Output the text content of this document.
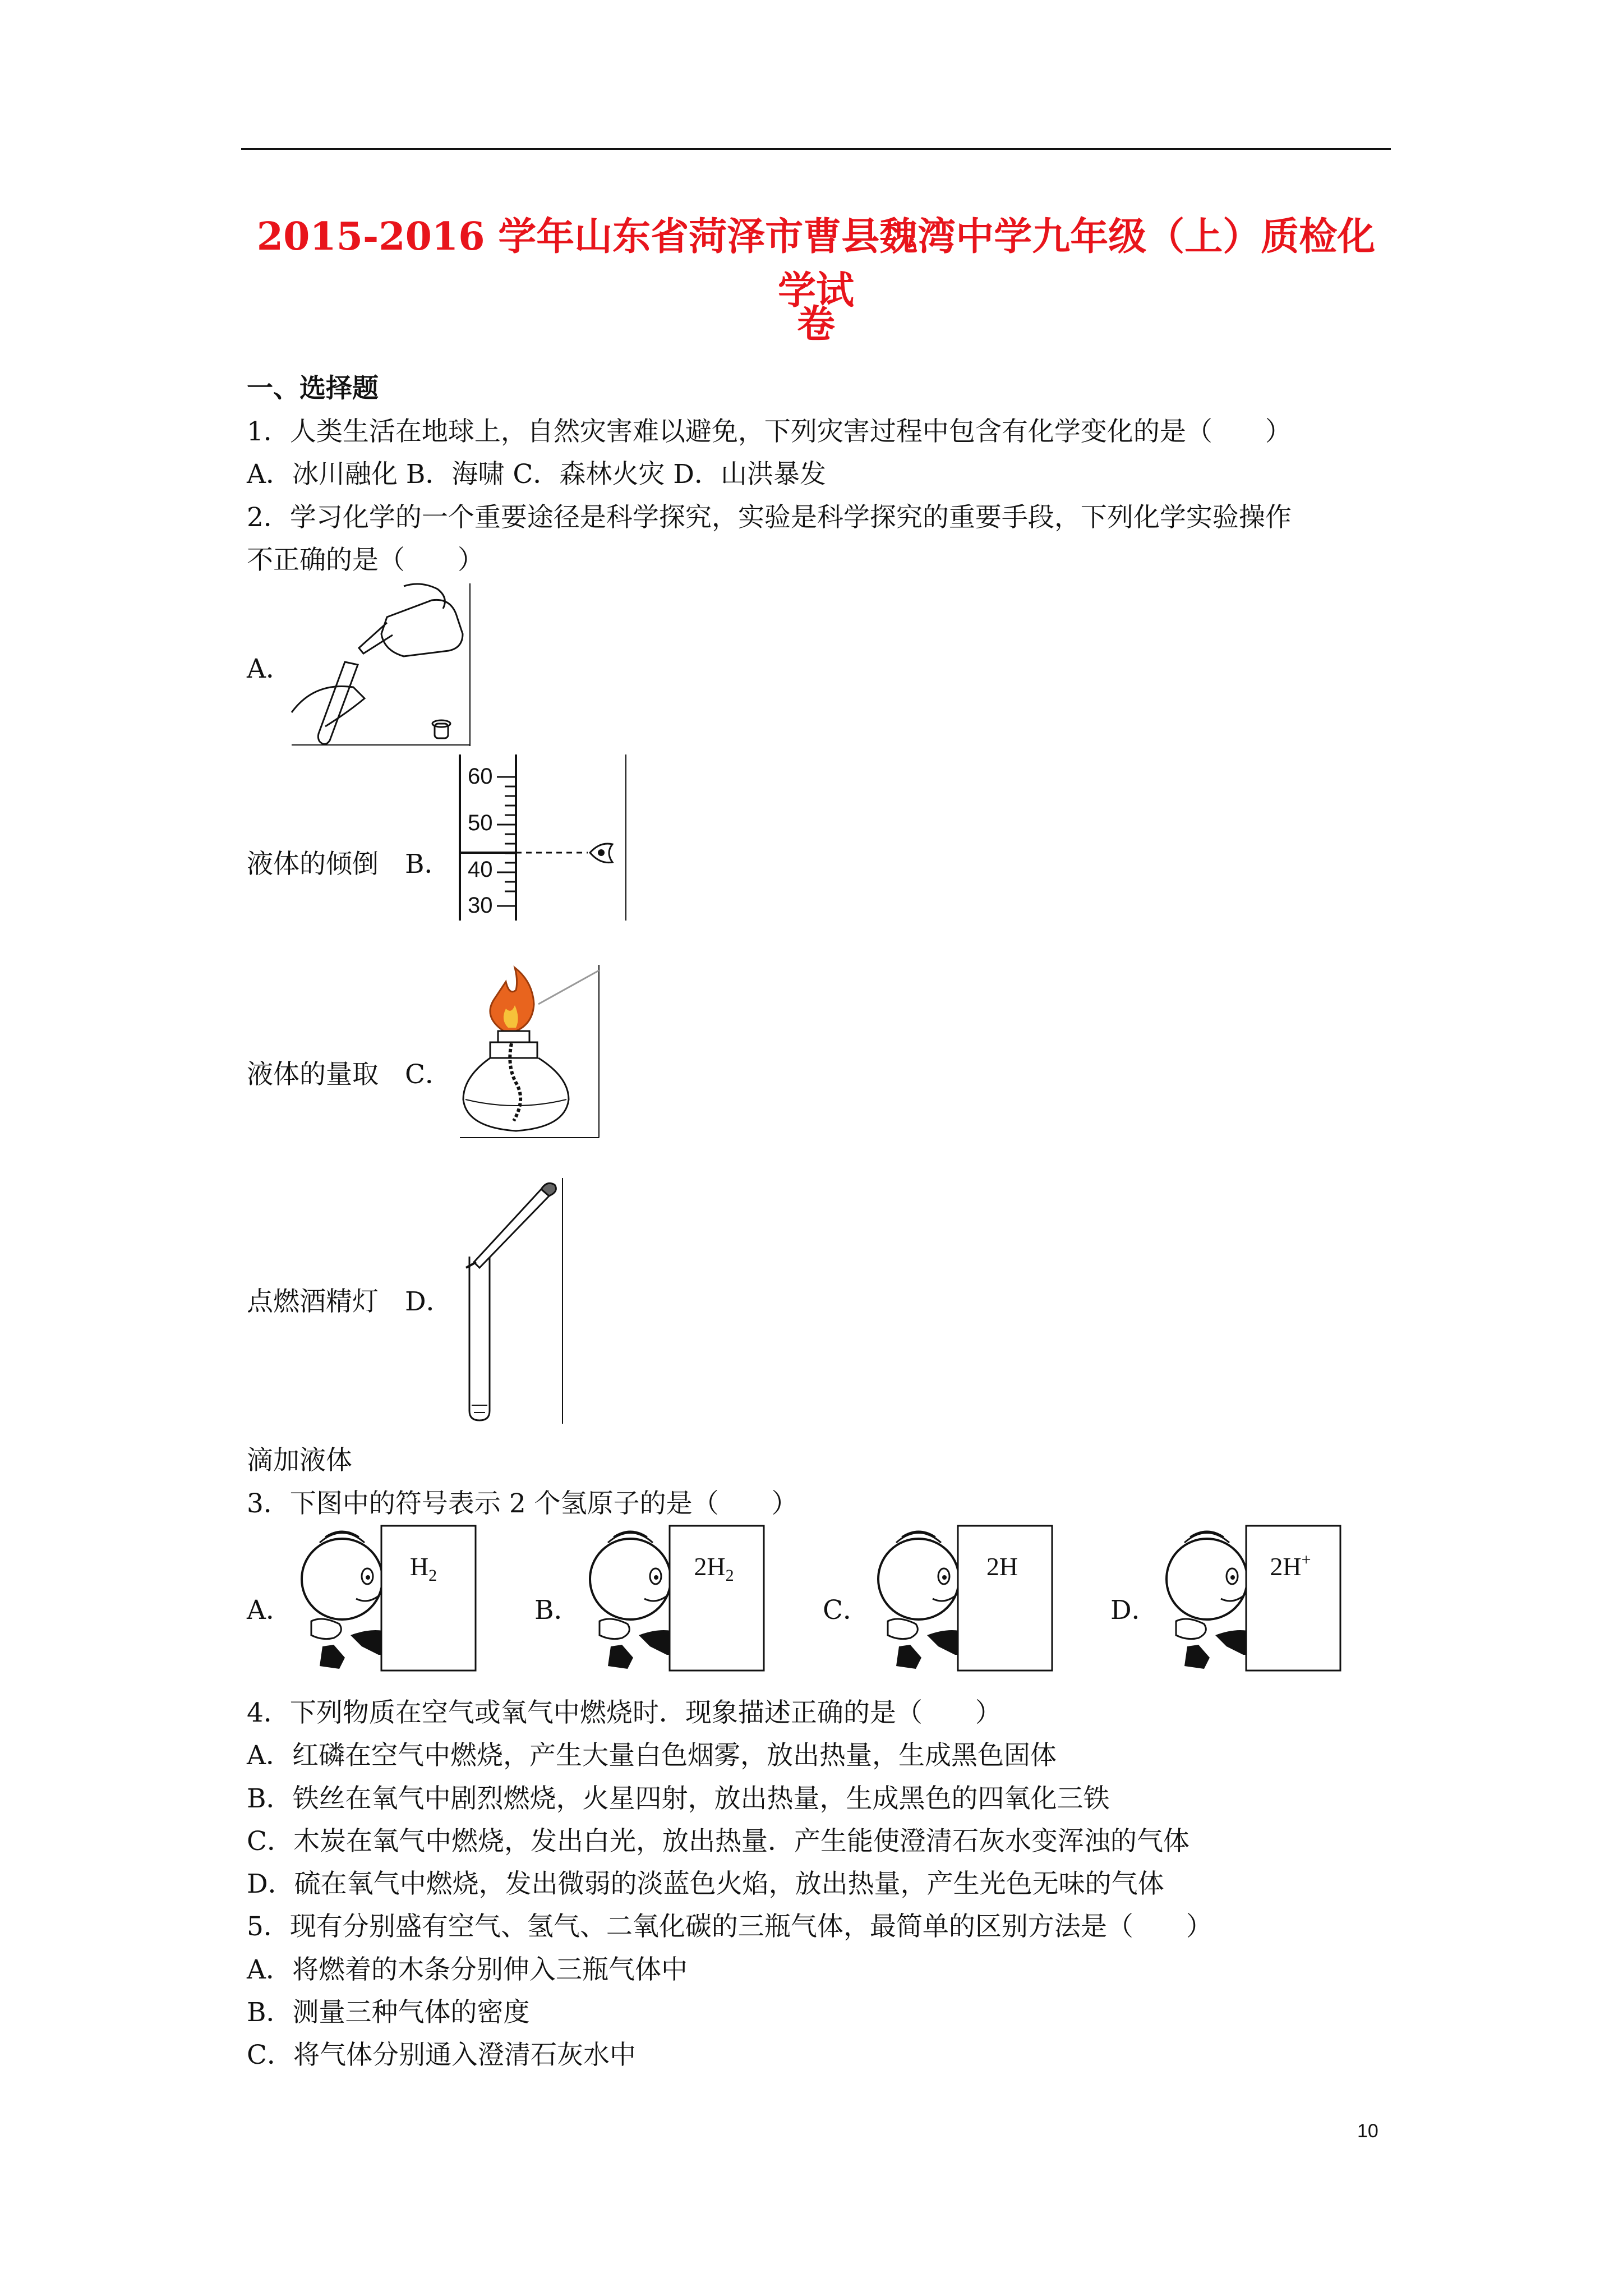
2015-2016 学年山东省菏泽市曹县魏湾中学九年级（上）质检化学试
卷
一、选择题
1．人类生活在地球上，自然灾害难以避免，下列灾害过程中包含有化学变化的是（　　）
A．冰川融化 B．海啸 C．森林火灾 D．山洪暴发
2．学习化学的一个重要途径是科学探究，实验是科学探究的重要手段，下列化学实验操作
不正确的是（　　）
A．
液体的倾倒　B．
60
50
40
30
液体的量取　C．
点燃酒精灯　D．
滴加液体
3．下图中的符号表示 2 个氢原子的是（　　）
A．	B．	C．	D．
$H_2$	$2H_2$	2H	2H+
4．下列物质在空气或氧气中燃烧时．现象描述正确的是（　　）
A．红磷在空气中燃烧，产生大量白色烟雾，放出热量，生成黑色固体
B．铁丝在氧气中剧烈燃烧，火星四射，放出热量，生成黑色的四氧化三铁
C．木炭在氧气中燃烧，发出白光，放出热量．产生能使澄清石灰水变浑浊的气体
D．硫在氧气中燃烧，发出微弱的淡蓝色火焰，放出热量，产生光色无味的气体
5．现有分别盛有空气、氢气、二氧化碳的三瓶气体，最简单的区别方法是（　　）
A．将燃着的木条分别伸入三瓶气体中
B．测量三种气体的密度
C．将气体分别通入澄清石灰水中
10
